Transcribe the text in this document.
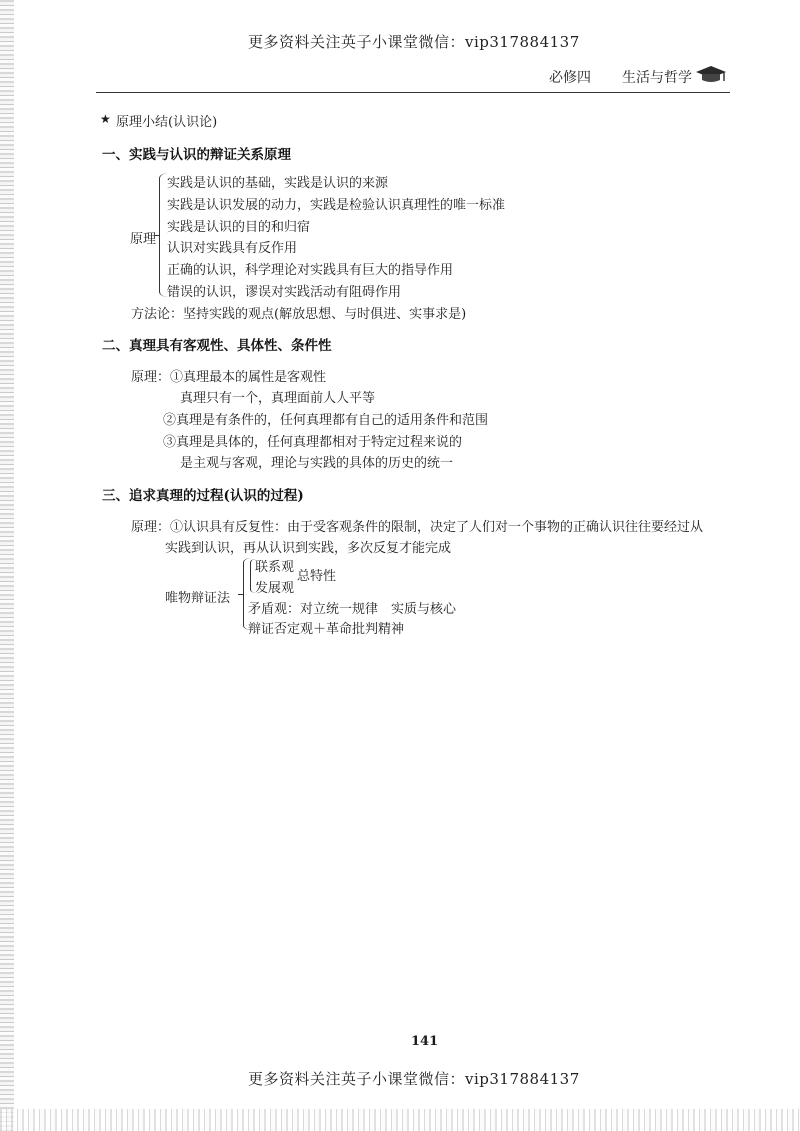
更多资料关注英子小课堂微信：vip317884137
必修四 生活与哲学
★ 原理小结(认识论)
一、实践与认识的辩证关系原理
原理
实践是认识的基础，实践是认识的来源
实践是认识发展的动力，实践是检验认识真理性的唯一标准
实践是认识的目的和归宿
认识对实践具有反作用
正确的认识，科学理论对实践具有巨大的指导作用
错误的认识，谬误对实践活动有阻碍作用
方法论：坚持实践的观点(解放思想、与时俱进、实事求是)
二、真理具有客观性、具体性、条件性
原理：①真理最本的属性是客观性
真理只有一个，真理面前人人平等
②真理是有条件的，任何真理都有自己的适用条件和范围
③真理是具体的，任何真理都相对于特定过程来说的
是主观与客观，理论与实践的具体的历史的统一
三、追求真理的过程(认识的过程)
原理：①认识具有反复性：由于受客观条件的限制，决定了人们对一个事物的正确认识往往要经过从
实践到认识，再从认识到实践，多次反复才能完成
唯物辩证法
联系观
发展观
总特性
矛盾观：对立统一规律　实质与核心
辩证否定观＋革命批判精神
141
更多资料关注英子小课堂微信：vip317884137
